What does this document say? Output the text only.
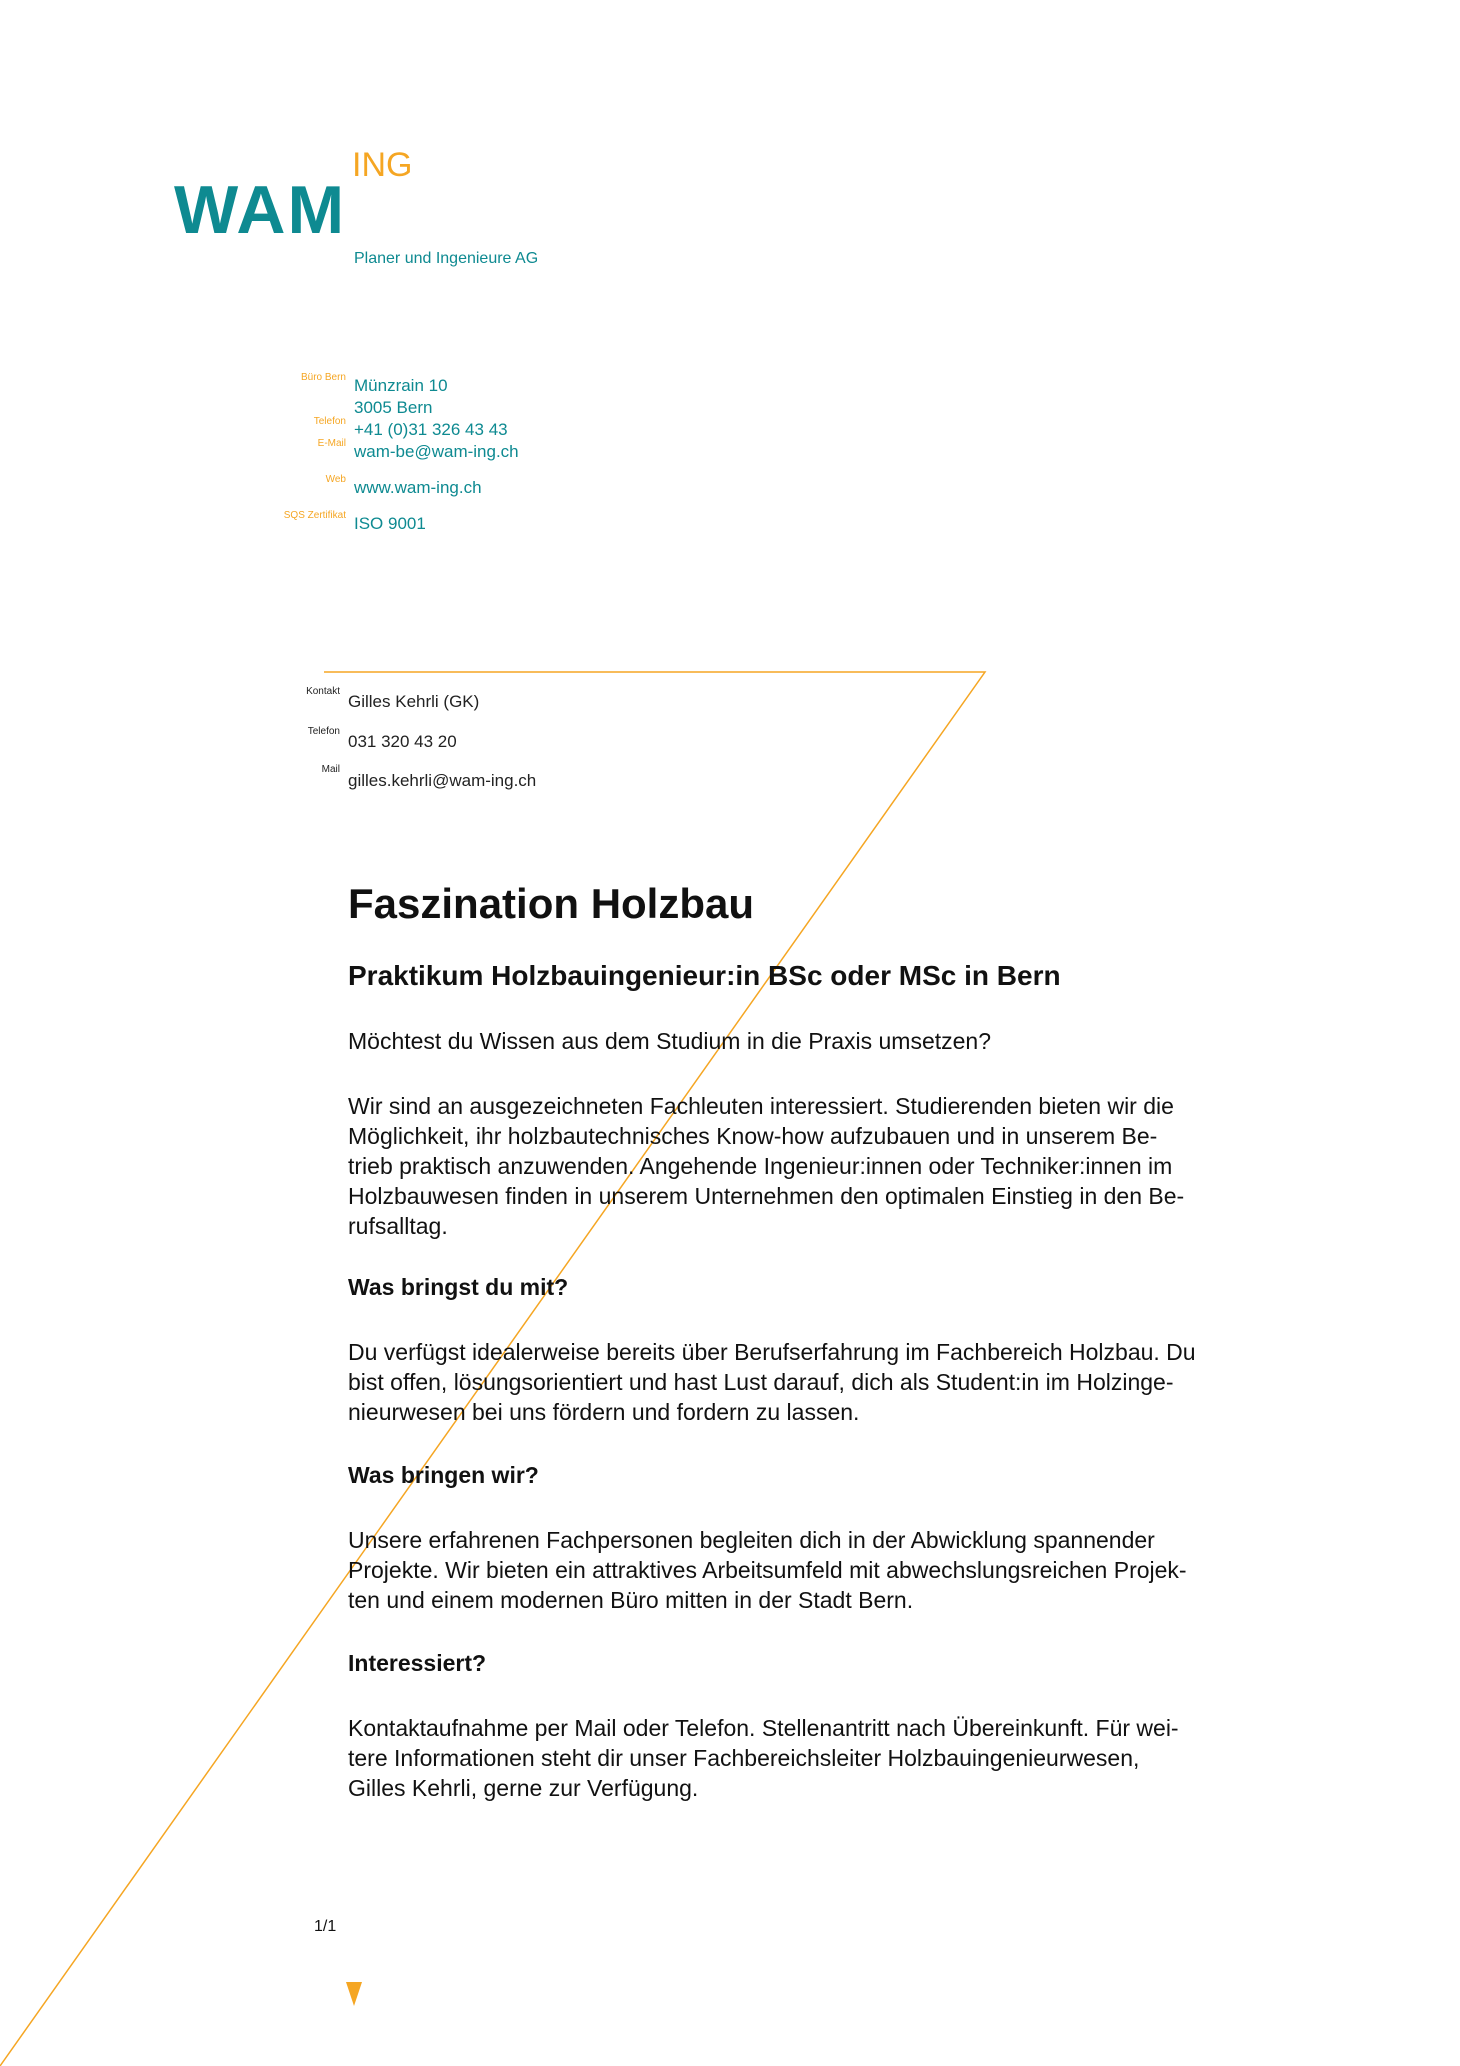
WAM
ING
Planer und Ingenieure AG
Büro Bern Münzrain 10
3005 Bern
Telefon +41 (0)31 326 43 43
E-Mail wam-be@wam-ing.ch
Web www.wam-ing.ch
SQS Zertifikat ISO 9001
Kontakt
Gilles Kehrli (GK)
Telefon
031 320 43 20
Mail
gilles.kehrli@wam-ing.ch
Faszination Holzbau
Praktikum Holzbauingenieur:in BSc oder MSc in Bern
Möchtest du Wissen aus dem Studium in die Praxis umsetzen?
Wir sind an ausgezeichneten Fachleuten interessiert. Studierenden bieten wir die
Möglichkeit, ihr holzbautechnisches Know-how aufzubauen und in unserem Be-
trieb praktisch anzuwenden. Angehende Ingenieur:innen oder Techniker:innen im
Holzbauwesen finden in unserem Unternehmen den optimalen Einstieg in den Be-
rufsalltag.
Was bringst du mit?
Du verfügst idealerweise bereits über Berufserfahrung im Fachbereich Holzbau. Du
bist offen, lösungsorientiert und hast Lust darauf, dich als Student:in im Holzinge-
nieurwesen bei uns fördern und fordern zu lassen.
Was bringen wir?
Unsere erfahrenen Fachpersonen begleiten dich in der Abwicklung spannender
Projekte. Wir bieten ein attraktives Arbeitsumfeld mit abwechslungsreichen Projek-
ten und einem modernen Büro mitten in der Stadt Bern.
Interessiert?
Kontaktaufnahme per Mail oder Telefon. Stellenantritt nach Übereinkunft. Für wei-
tere Informationen steht dir unser Fachbereichsleiter Holzbauingenieurwesen,
Gilles Kehrli, gerne zur Verfügung.
1/1
